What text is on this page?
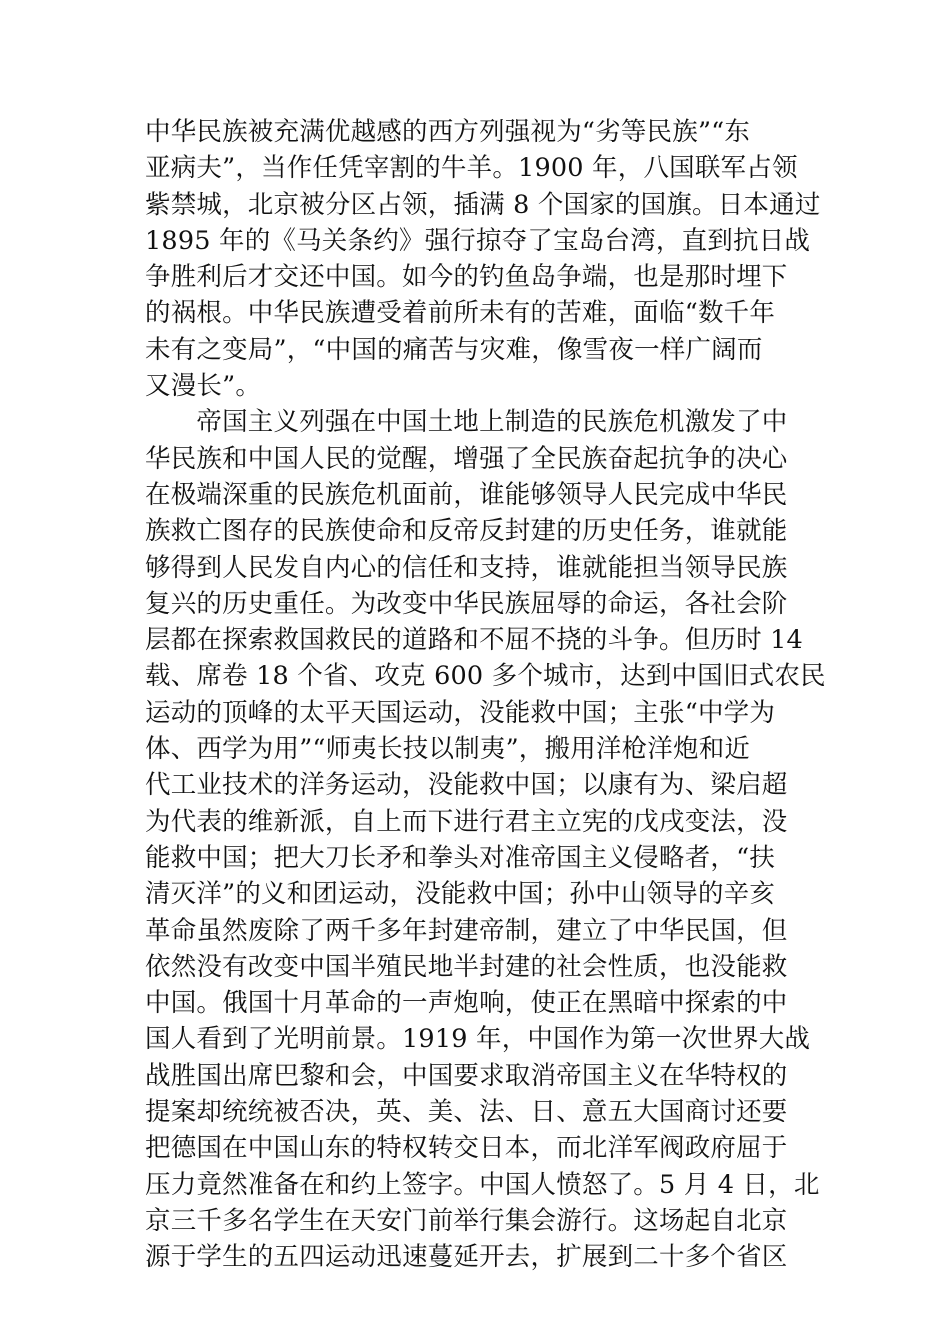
中华民族被充满优越感的西方列强视为“劣等民族”“东
亚病夫”，当作任凭宰割的牛羊。1900 年，八国联军占领
紫禁城，北京被分区占领，插满 8 个国家的国旗。日本通过
1895 年的《马关条约》强行掠夺了宝岛台湾，直到抗日战
争胜利后才交还中国。如今的钓鱼岛争端，也是那时埋下
的祸根。中华民族遭受着前所未有的苦难，面临“数千年
未有之变局”，“中国的痛苦与灾难，像雪夜一样广阔而
又漫长”。
　　帝国主义列强在中国土地上制造的民族危机激发了中
华民族和中国人民的觉醒，增强了全民族奋起抗争的决心
在极端深重的民族危机面前，谁能够领导人民完成中华民
族救亡图存的民族使命和反帝反封建的历史任务，谁就能
够得到人民发自内心的信任和支持，谁就能担当领导民族
复兴的历史重任。为改变中华民族屈辱的命运，各社会阶
层都在探索救国救民的道路和不屈不挠的斗争。但历时 14
载、席卷 18 个省、攻克 600 多个城市，达到中国旧式农民
运动的顶峰的太平天国运动，没能救中国；主张“中学为
体、西学为用”“师夷长技以制夷”，搬用洋枪洋炮和近
代工业技术的洋务运动，没能救中国；以康有为、梁启超
为代表的维新派，自上而下进行君主立宪的戊戌变法，没
能救中国；把大刀长矛和拳头对准帝国主义侵略者，“扶
清灭洋”的义和团运动，没能救中国；孙中山领导的辛亥
革命虽然废除了两千多年封建帝制，建立了中华民国，但
依然没有改变中国半殖民地半封建的社会性质，也没能救
中国。俄国十月革命的一声炮响，使正在黑暗中探索的中
国人看到了光明前景。1919 年，中国作为第一次世界大战
战胜国出席巴黎和会，中国要求取消帝国主义在华特权的
提案却统统被否决，英、美、法、日、意五大国商讨还要
把德国在中国山东的特权转交日本，而北洋军阀政府屈于
压力竟然准备在和约上签字。中国人愤怒了。5 月 4 日，北
京三千多名学生在天安门前举行集会游行。这场起自北京
源于学生的五四运动迅速蔓延开去，扩展到二十多个省区
